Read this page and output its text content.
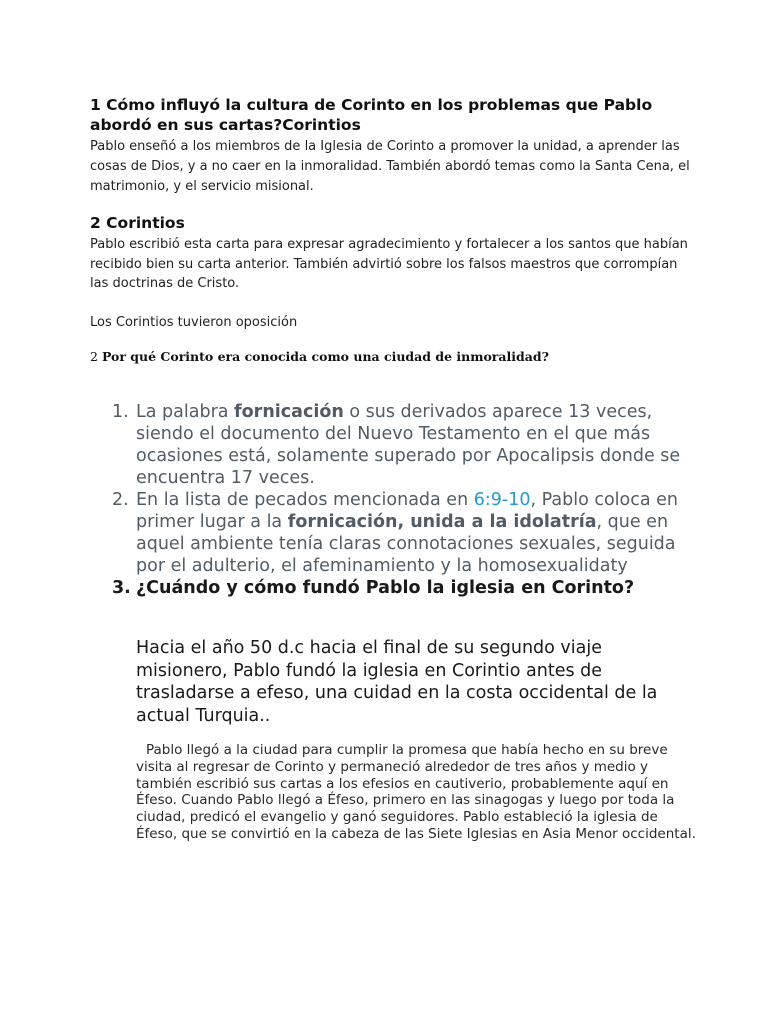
1 Cómo influyó la cultura de Corinto en los problemas que Pablo abordó en sus cartas?Corintios
Pablo enseñó a los miembros de la Iglesia de Corinto a promover la unidad, a aprender las cosas de Dios, y a no caer en la inmoralidad. También abordó temas como la Santa Cena, el matrimonio, y el servicio misional.
2 Corintios
Pablo escribió esta carta para expresar agradecimiento y fortalecer a los santos que habían recibido bien su carta anterior. También advirtió sobre los falsos maestros que corrompían las doctrinas de Cristo.
Los Corintios tuvieron oposición
2 Por qué Corinto era conocida como una ciudad de inmoralidad?
1. La palabra fornicación o sus derivados aparece 13 veces, siendo el documento del Nuevo Testamento en el que más ocasiones está, solamente superado por Apocalipsis donde se encuentra 17 veces.
2. En la lista de pecados mencionada en 6:9-10, Pablo coloca en primer lugar a la fornicación, unida a la idolatría, que en aquel ambiente tenía claras connotaciones sexuales, seguida por el adulterio, el afeminamiento y la homosexualidaty
3. ¿Cuándo y cómo fundó Pablo la iglesia en Corinto?
Hacia el año 50 d.c hacia el final de su segundo viaje misionero, Pablo fundó la iglesia en Corintio antes de trasladarse a efeso, una cuidad en la costa occidental de la actual Turquia..
Pablo llegó a la ciudad para cumplir la promesa que había hecho en su breve visita al regresar de Corinto y permaneció alrededor de tres años y medio y también escribió sus cartas a los efesios en cautiverio, probablemente aquí en Éfeso. Cuando Pablo llegó a Éfeso, primero en las sinagogas y luego por toda la ciudad, predicó el evangelio y ganó seguidores. Pablo estableció la iglesia de Éfeso, que se convirtió en la cabeza de las Siete Iglesias en Asia Menor occidental.
